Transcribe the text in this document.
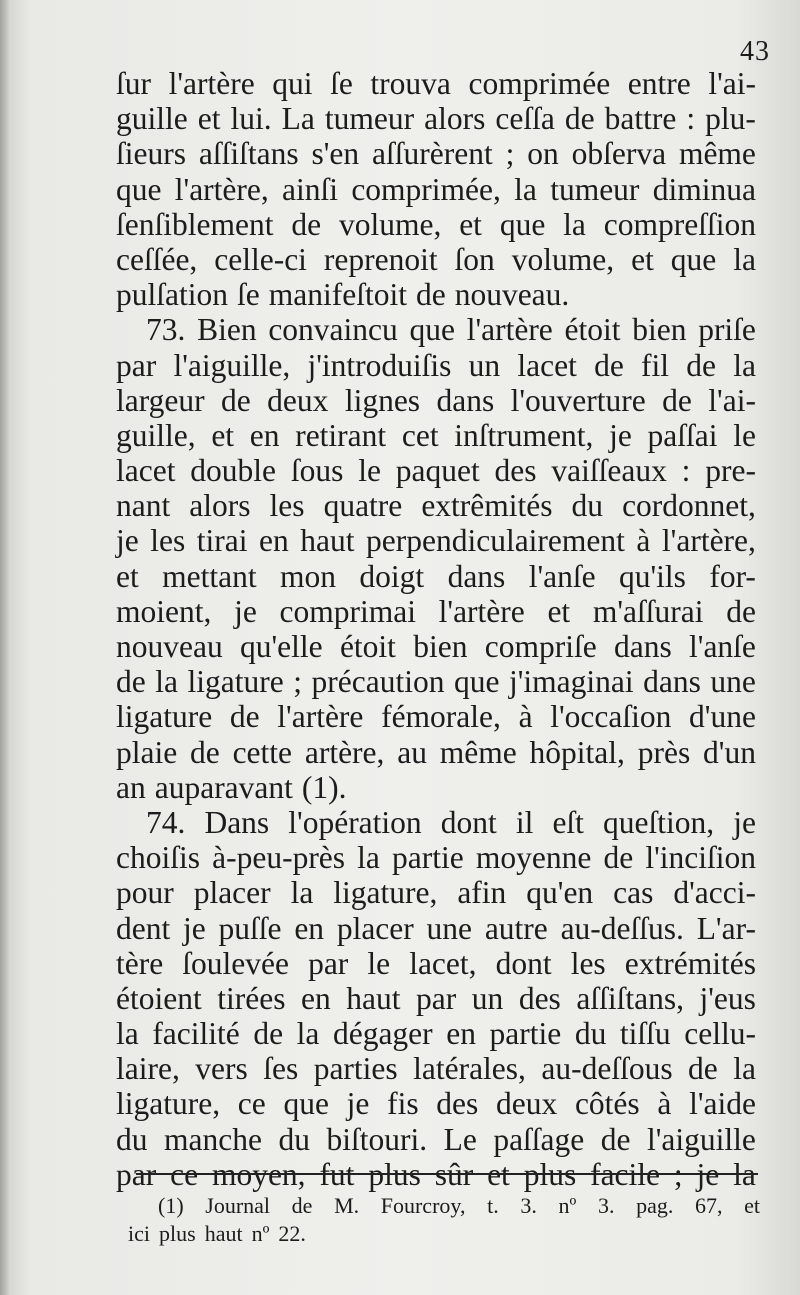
43
ſur l'artère qui ſe trouva comprimée entre l'ai-
guille et lui. La tumeur alors ceſſa de battre : plu-
ſieurs aſſiſtans s'en aſſurèrent ; on obſerva même
que l'artère, ainſi comprimée, la tumeur diminua
ſenſiblement de volume, et que la compreſſion
ceſſée, celle-ci reprenoit ſon volume, et que la
pulſation ſe manifeſtoit de nouveau.
73. Bien convaincu que l'artère étoit bien priſe
par l'aiguille, j'introduiſis un lacet de fil de la
largeur de deux lignes dans l'ouverture de l'ai-
guille, et en retirant cet inſtrument, je paſſai le
lacet double ſous le paquet des vaiſſeaux : pre-
nant alors les quatre extrêmités du cordonnet,
je les tirai en haut perpendiculairement à l'artère,
et mettant mon doigt dans l'anſe qu'ils for-
moient, je comprimai l'artère et m'aſſurai de
nouveau qu'elle étoit bien compriſe dans l'anſe
de la ligature ; précaution que j'imaginai dans une
ligature de l'artère fémorale, à l'occaſion d'une
plaie de cette artère, au même hôpital, près d'un
an auparavant (1).
74. Dans l'opération dont il eſt queſtion, je
choiſis à-peu-près la partie moyenne de l'inciſion
pour placer la ligature, afin qu'en cas d'acci-
dent je puſſe en placer une autre au-deſſus. L'ar-
tère ſoulevée par le lacet, dont les extrémités
étoient tirées en haut par un des aſſiſtans, j'eus
la facilité de la dégager en partie du tiſſu cellu-
laire, vers ſes parties latérales, au-deſſous de la
ligature, ce que je fis des deux côtés à l'aide
du manche du biſtouri. Le paſſage de l'aiguille
par ce moyen, fut plus sûr et plus facile ; je la
(1) Journal de M. Fourcroy, t. 3. nº 3. pag. 67, et
ici plus haut nº 22.
